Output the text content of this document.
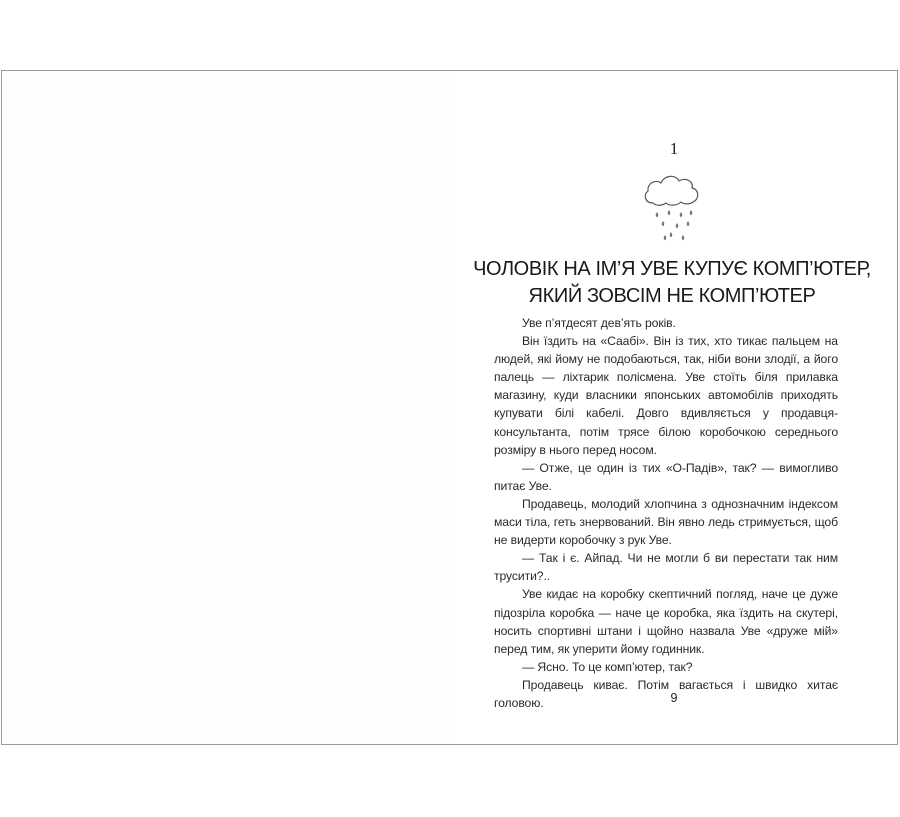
1
ЧОЛОВІК НА ІМ’Я УВЕ КУПУЄ КОМП’ЮТЕР,
ЯКИЙ ЗОВСІМ НЕ КОМП’ЮТЕР

Уве п’ятдесят дев’ять років.

Він їздить на «Саабі». Він із тих, хто тикає пальцем на людей, які йому не подобаються, так, ніби вони злодії, а його палець — ліхтарик полісмена. Уве стоїть біля прилавка магазину, куди власники японських автомобілів приходять купувати білі кабелі. Довго вдивляється у продавця-консультанта, потім трясе білою коробочкою середнього розміру в нього перед носом.

— Отже, це один із тих «О-Падів», так? — вимогливо питає Уве.

Продавець, молодий хлопчина з однозначним індексом маси тіла, геть знервований. Він явно ледь стримується, щоб не видерти коробочку з рук Уве.

— Так і є. Айпад. Чи не могли б ви перестати так ним трусити?..

Уве кидає на коробку скептичний погляд, наче це дуже підозріла коробка — наче це коробка, яка їздить на скутері, носить спортивні штани і щойно назвала Уве «друже мій» перед тим, як уперити йому годинник.

— Ясно. То це комп’ютер, так?

Продавець киває. Потім вагається і швидко хитає головою.	9
